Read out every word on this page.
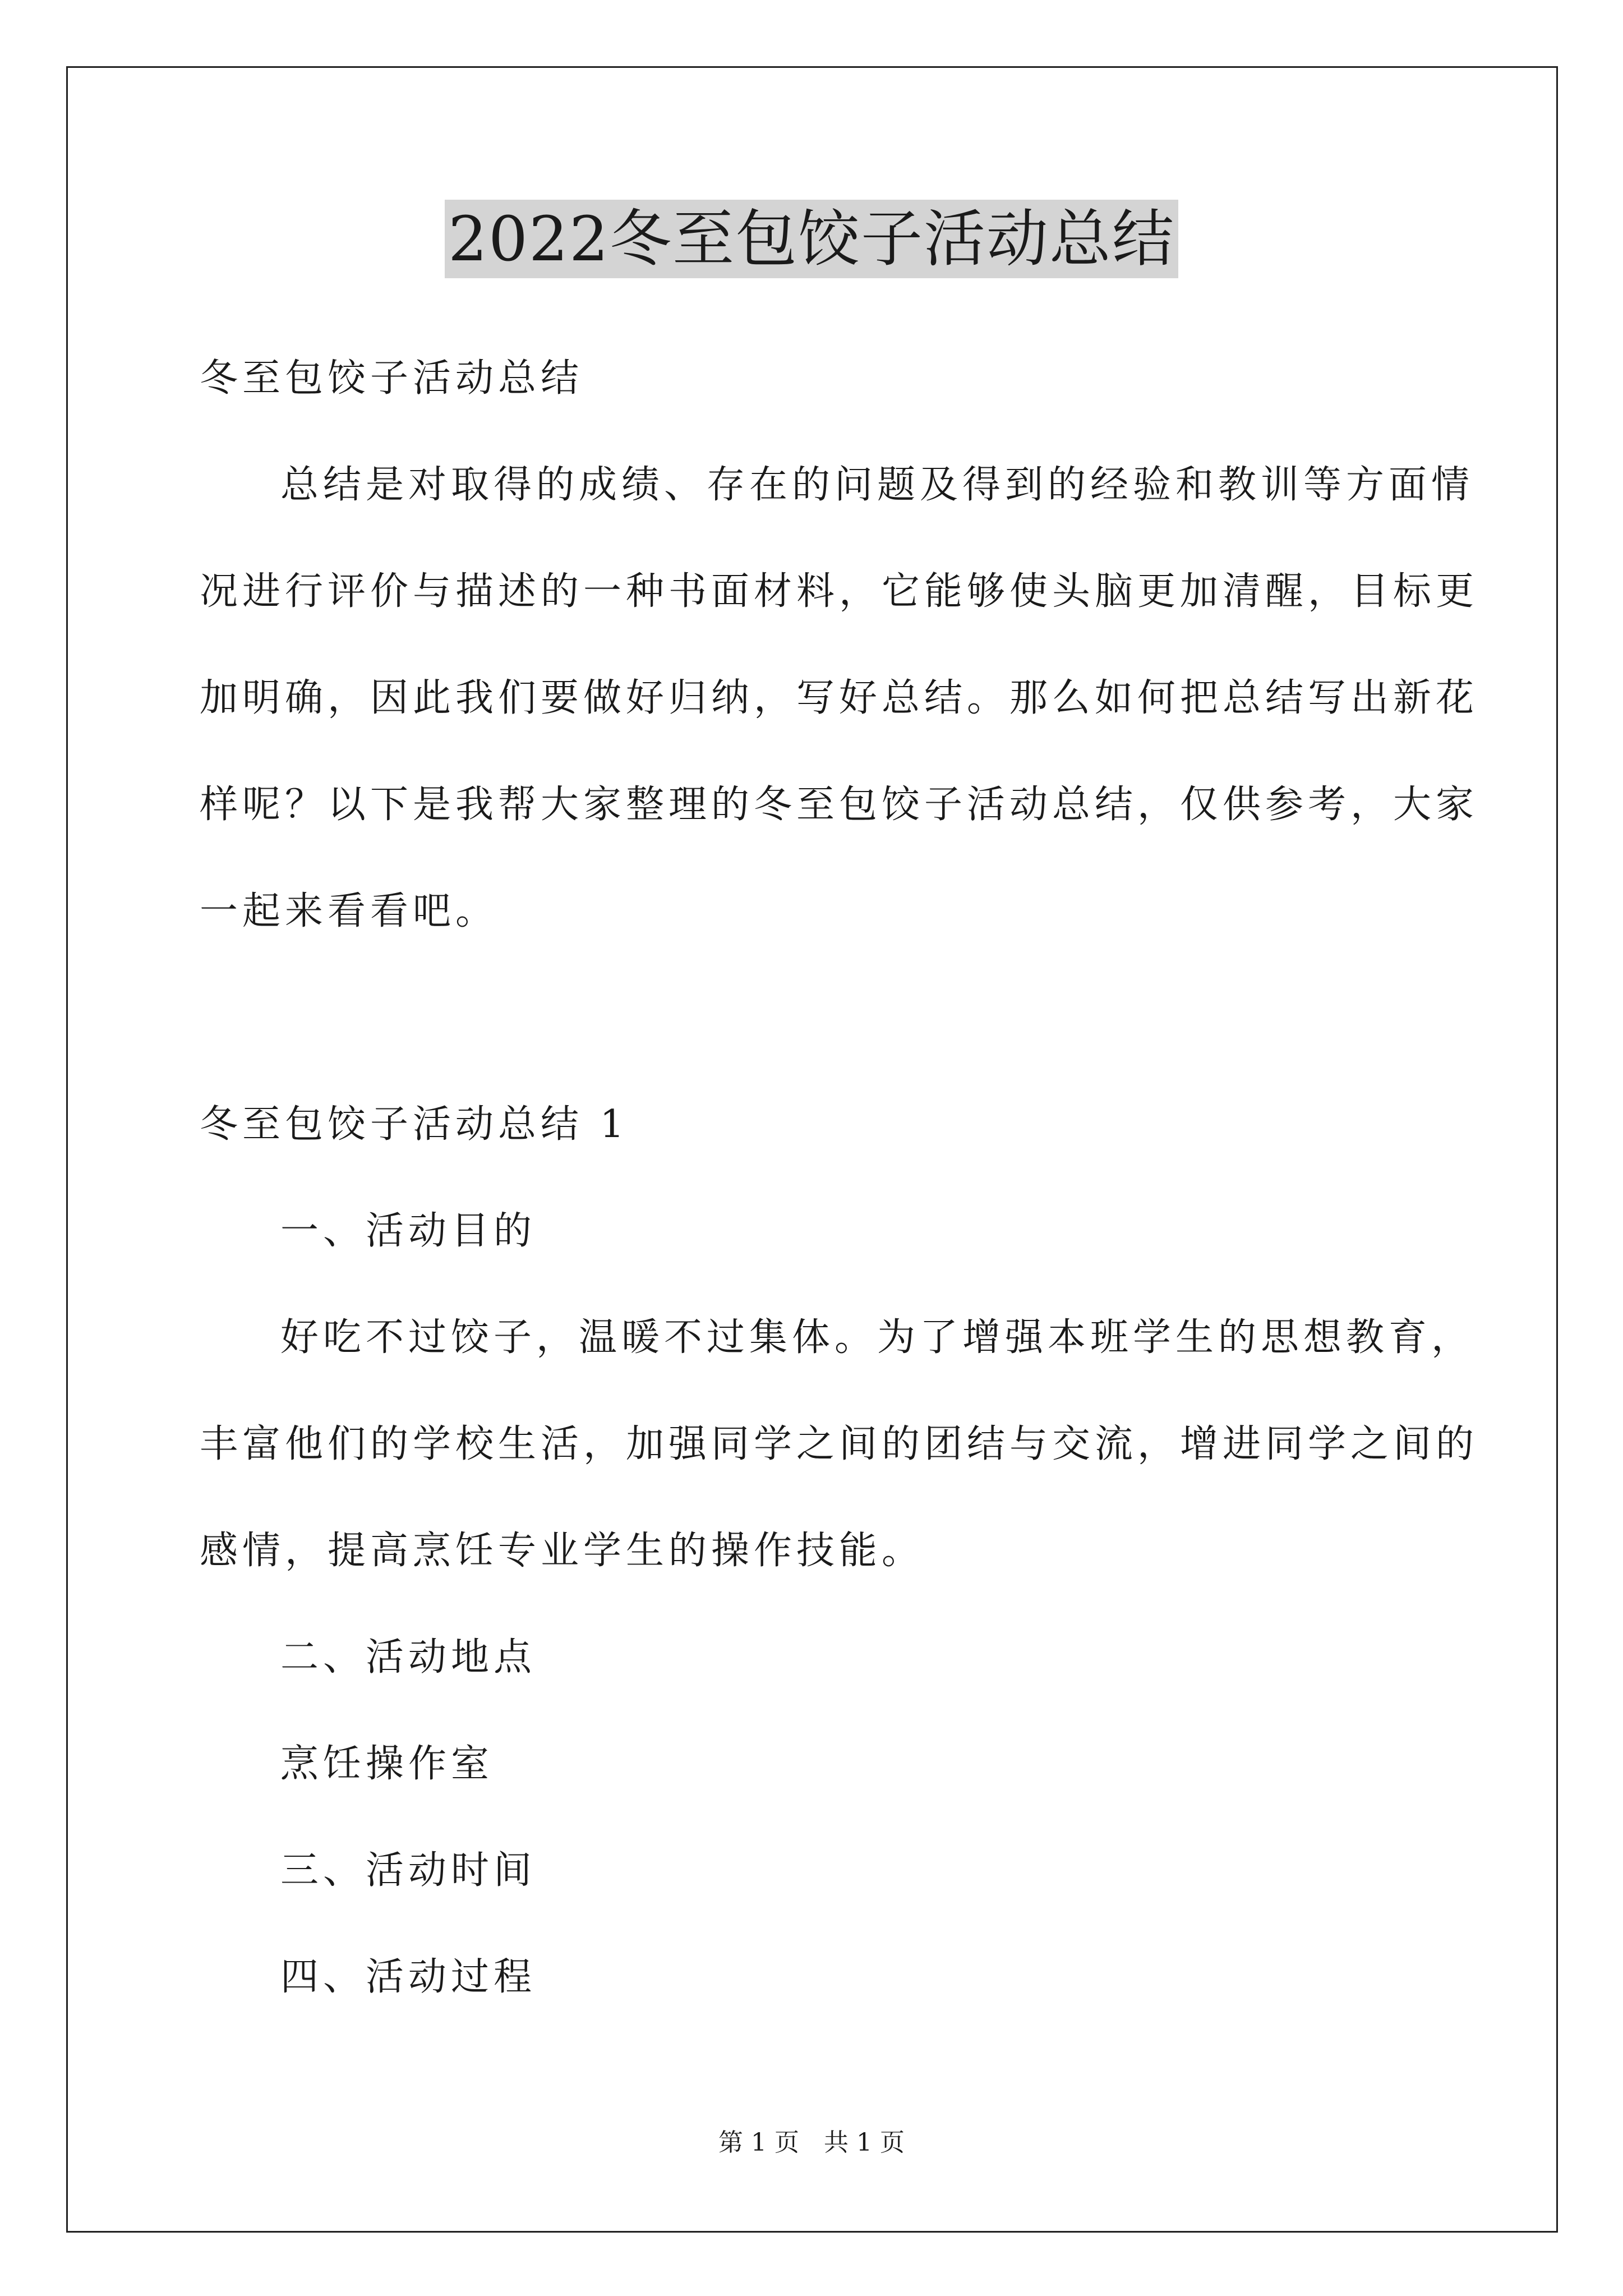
2022冬至包饺子活动总结
冬至包饺子活动总结
总结是对取得的成绩、存在的问题及得到的经验和教训等方面情
况进行评价与描述的一种书面材料，它能够使头脑更加清醒，目标更
加明确，因此我们要做好归纳，写好总结。那么如何把总结写出新花
样呢？以下是我帮大家整理的冬至包饺子活动总结，仅供参考，大家
一起来看看吧。
冬至包饺子活动总结 1
一、活动目的
好吃不过饺子，温暖不过集体。为了增强本班学生的思想教育，
丰富他们的学校生活，加强同学之间的团结与交流，增进同学之间的
感情，提高烹饪专业学生的操作技能。
二、活动地点
烹饪操作室
三、活动时间
四、活动过程
第 1 页　共 1 页
